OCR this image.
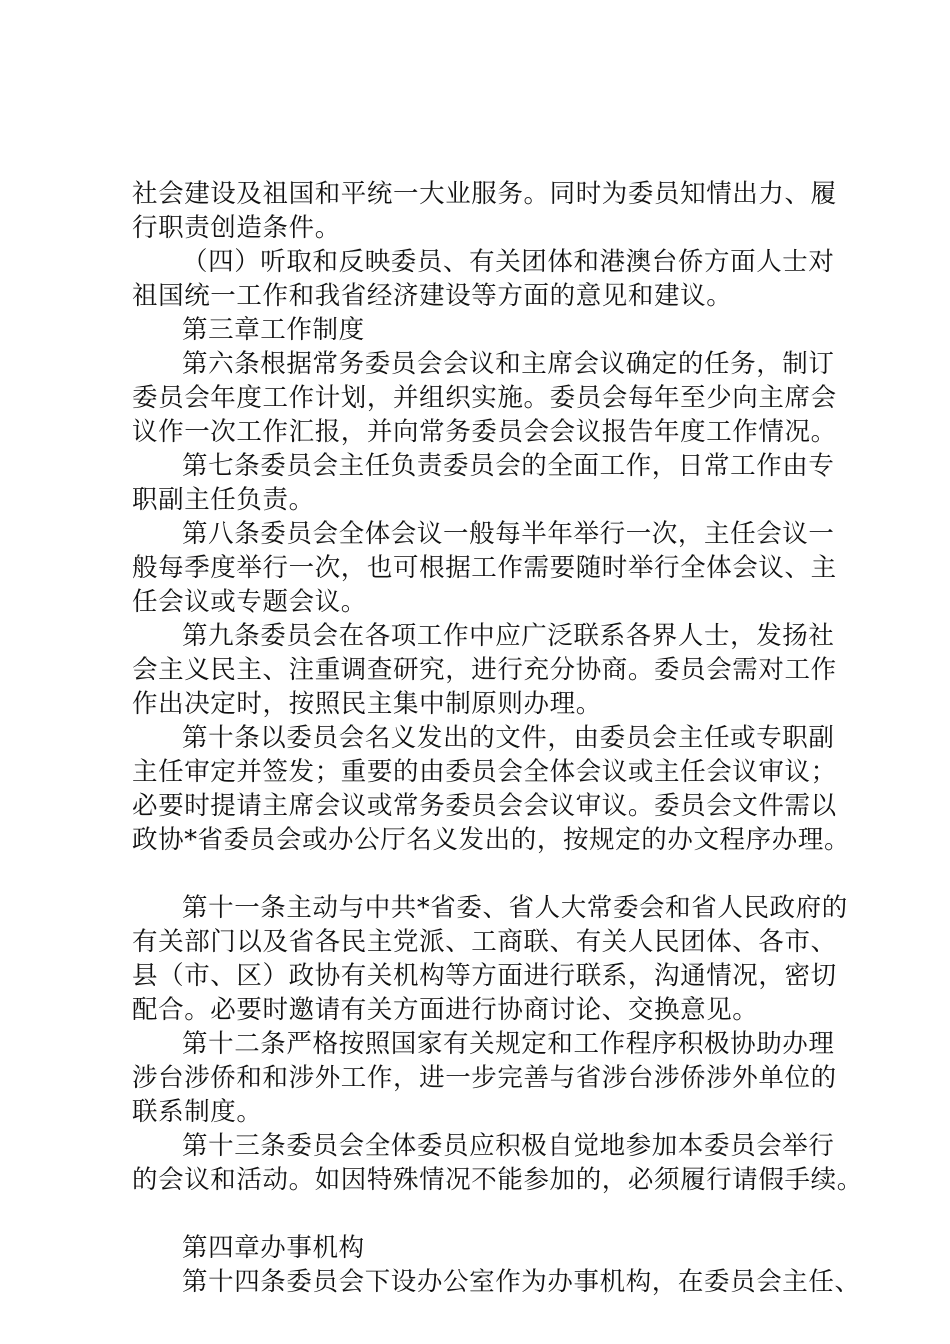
社会建设及祖国和平统一大业服务。同时为委员知情出力、履
行职责创造条件。
（四）听取和反映委员、有关团体和港澳台侨方面人士对
祖国统一工作和我省经济建设等方面的意见和建议。
第三章工作制度
第六条根据常务委员会会议和主席会议确定的任务，制订
委员会年度工作计划，并组织实施。委员会每年至少向主席会
议作一次工作汇报，并向常务委员会会议报告年度工作情况。
第七条委员会主任负责委员会的全面工作，日常工作由专
职副主任负责。
第八条委员会全体会议一般每半年举行一次，主任会议一
般每季度举行一次，也可根据工作需要随时举行全体会议、主
任会议或专题会议。
第九条委员会在各项工作中应广泛联系各界人士，发扬社
会主义民主、注重调查研究，进行充分协商。委员会需对工作
作出决定时，按照民主集中制原则办理。
第十条以委员会名义发出的文件，由委员会主任或专职副
主任审定并签发；重要的由委员会全体会议或主任会议审议；
必要时提请主席会议或常务委员会会议审议。委员会文件需以
政协*省委员会或办公厅名义发出的，按规定的办文程序办理。
第十一条主动与中共*省委、省人大常委会和省人民政府的
有关部门以及省各民主党派、工商联、有关人民团体、各市、
县（市、区）政协有关机构等方面进行联系，沟通情况，密切
配合。必要时邀请有关方面进行协商讨论、交换意见。
第十二条严格按照国家有关规定和工作程序积极协助办理
涉台涉侨和和涉外工作，进一步完善与省涉台涉侨涉外单位的
联系制度。
第十三条委员会全体委员应积极自觉地参加本委员会举行
的会议和活动。如因特殊情况不能参加的，必须履行请假手续。
第四章办事机构
第十四条委员会下设办公室作为办事机构，在委员会主任、
